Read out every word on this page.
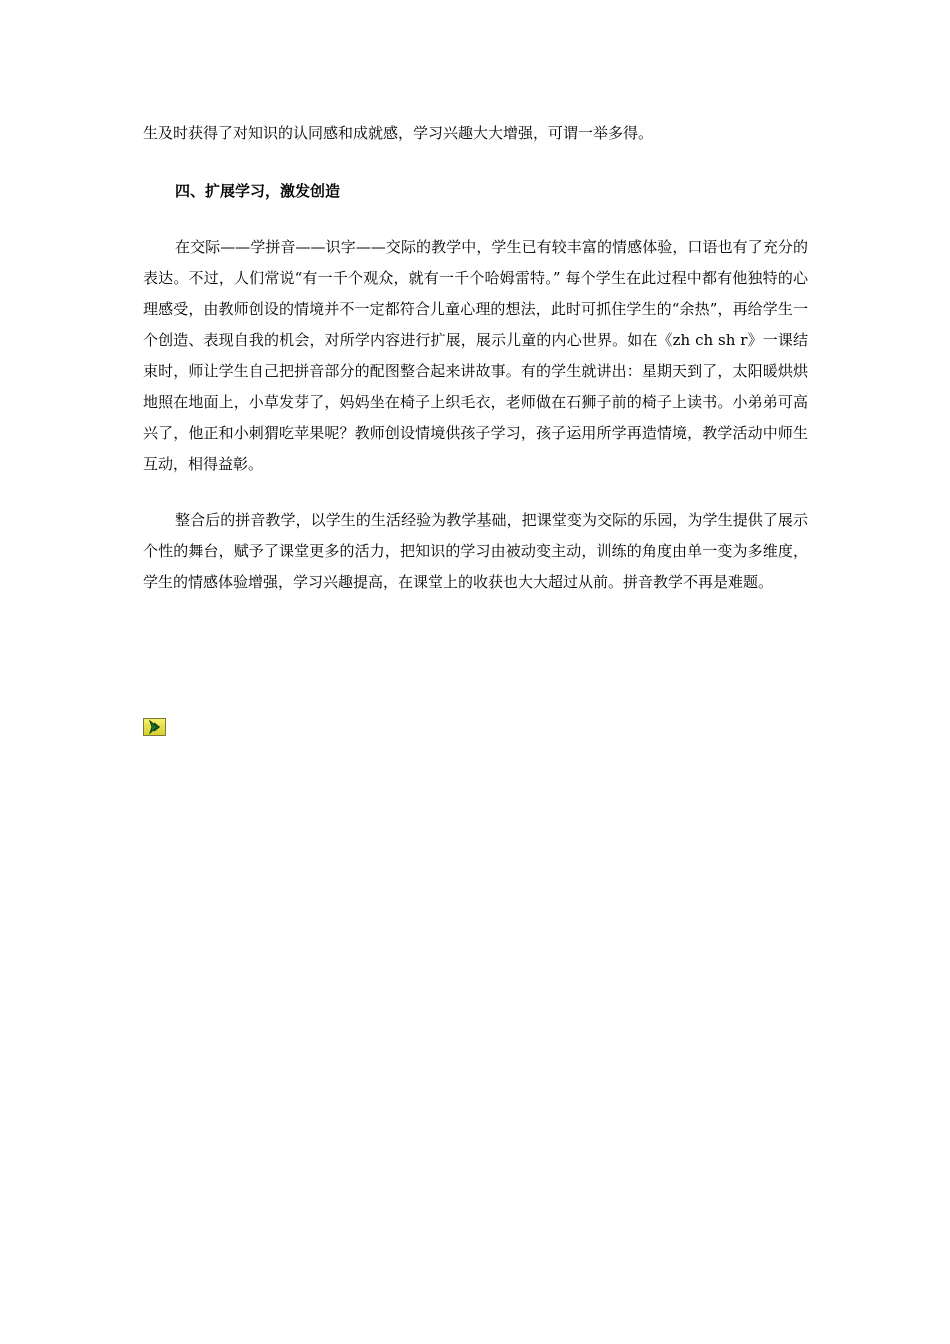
生及时获得了对知识的认同感和成就感，学习兴趣大大增强，可谓一举多得。

四、扩展学习，激发创造

在交际——学拼音——识字——交际的教学中，学生已有较丰富的情感体验，口语也有了充分的表达。不过，人们常说“有一千个观众，就有一千个哈姆雷特。” 每个学生在此过程中都有他独特的心理感受，由教师创设的情境并不一定都符合儿童心理的想法，此时可抓住学生的“余热”，再给学生一个创造、表现自我的机会，对所学内容进行扩展，展示儿童的内心世界。如在《zh ch sh r》一课结束时，师让学生自己把拼音部分的配图整合起来讲故事。有的学生就讲出：星期天到了，太阳暖烘烘地照在地面上，小草发芽了，妈妈坐在椅子上织毛衣，老师做在石狮子前的椅子上读书。小弟弟可高兴了，他正和小刺猬吃苹果呢？教师创设情境供孩子学习，孩子运用所学再造情境，教学活动中师生互动，相得益彰。

整合后的拼音教学，以学生的生活经验为教学基础，把课堂变为交际的乐园，为学生提供了展示个性的舞台，赋予了课堂更多的活力，把知识的学习由被动变主动，训练的角度由单一变为多维度，学生的情感体验增强，学习兴趣提高，在课堂上的收获也大大超过从前。拼音教学不再是难题。
